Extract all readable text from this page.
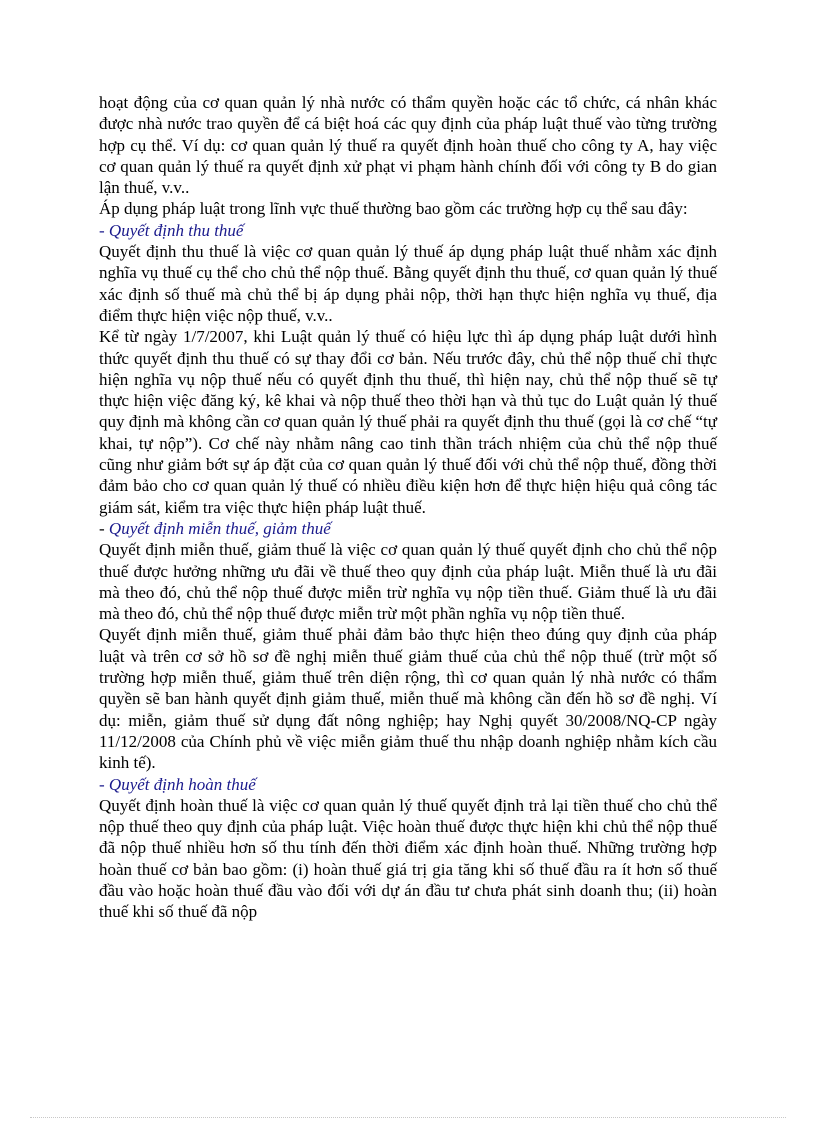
hoạt động của cơ quan quản lý nhà nước có thẩm quyền hoặc các tổ chức, cá nhân khác được nhà nước trao quyền để cá biệt hoá các quy định của pháp luật thuế vào từng trường hợp cụ thể. Ví dụ: cơ quan quản lý thuế ra quyết định hoàn thuế cho công ty A, hay việc cơ quan quản lý thuế ra quyết định xử phạt vi phạm hành chính đối với công ty B do gian lận thuế, v.v..

Áp dụng pháp luật trong lĩnh vực thuế thường bao gồm các trường hợp cụ thể sau đây:

- Quyết định thu thuế

Quyết định thu thuế là việc cơ quan quản lý thuế áp dụng pháp luật thuế nhằm xác định nghĩa vụ thuế cụ thể cho chủ thể nộp thuế. Bằng quyết định thu thuế, cơ quan quản lý thuế xác định số thuế mà chủ thể bị áp dụng phải nộp, thời hạn thực hiện nghĩa vụ thuế, địa điểm thực hiện việc nộp thuế, v.v..

Kể từ ngày 1/7/2007, khi Luật quản lý thuế có hiệu lực thì áp dụng pháp luật dưới hình thức quyết định thu thuế có sự thay đổi cơ bản. Nếu trước đây, chủ thể nộp thuế chỉ thực hiện nghĩa vụ nộp thuế nếu có quyết định thu thuế, thì hiện nay, chủ thể nộp thuế sẽ tự thực hiện việc đăng ký, kê khai và nộp thuế theo thời hạn và thủ tục do Luật quản lý thuế quy định mà không cần cơ quan quản lý thuế phải ra quyết định thu thuế (gọi là cơ chế “tự khai, tự nộp”). Cơ chế này nhằm nâng cao tinh thần trách nhiệm của chủ thể nộp thuế cũng như giảm bớt sự áp đặt của cơ quan quản lý thuế đối với chủ thể nộp thuế, đồng thời đảm bảo cho cơ quan quản lý thuế có nhiều điều kiện hơn để thực hiện hiệu quả công tác giám sát, kiểm tra việc thực hiện pháp luật thuế.

- Quyết định miễn thuế, giảm thuế

Quyết định miễn thuế, giảm thuế là việc cơ quan quản lý thuế quyết định cho chủ thể nộp thuế được hưởng những ưu đãi về thuế theo quy định của pháp luật. Miễn thuế là ưu đãi mà theo đó, chủ thể nộp thuế được miễn trừ nghĩa vụ nộp tiền thuế. Giảm thuế là ưu đãi mà theo đó, chủ thể nộp thuế được miễn trừ một phần nghĩa vụ nộp tiền thuế.

Quyết định miễn thuế, giảm thuế phải đảm bảo thực hiện theo đúng quy định của pháp luật và trên cơ sở hồ sơ đề nghị miễn thuế giảm thuế của chủ thể nộp thuế (trừ một số trường hợp miễn thuế, giảm thuế trên diện rộng, thì cơ quan quản lý nhà nước có thẩm quyền sẽ ban hành quyết định giảm thuế, miễn thuế mà không cần đến hồ sơ đề nghị. Ví dụ: miễn, giảm thuế sử dụng đất nông nghiệp; hay Nghị quyết 30/2008/NQ-CP ngày 11/12/2008 của Chính phủ về việc miễn giảm thuế thu nhập doanh nghiệp nhằm kích cầu kinh tế).

- Quyết định hoàn thuế

Quyết định hoàn thuế là việc cơ quan quản lý thuế quyết định trả lại tiền thuế cho chủ thể nộp thuế theo quy định của pháp luật. Việc hoàn thuế được thực hiện khi chủ thể nộp thuế đã nộp thuế nhiều hơn số thu tính đến thời điểm xác định hoàn thuế. Những trường hợp hoàn thuế cơ bản bao gồm: (i) hoàn thuế giá trị gia tăng khi số thuế đầu ra ít hơn số thuế đầu vào hoặc hoàn thuế đầu vào đối với dự án đầu tư chưa phát sinh doanh thu; (ii) hoàn thuế khi số thuế đã nộp
